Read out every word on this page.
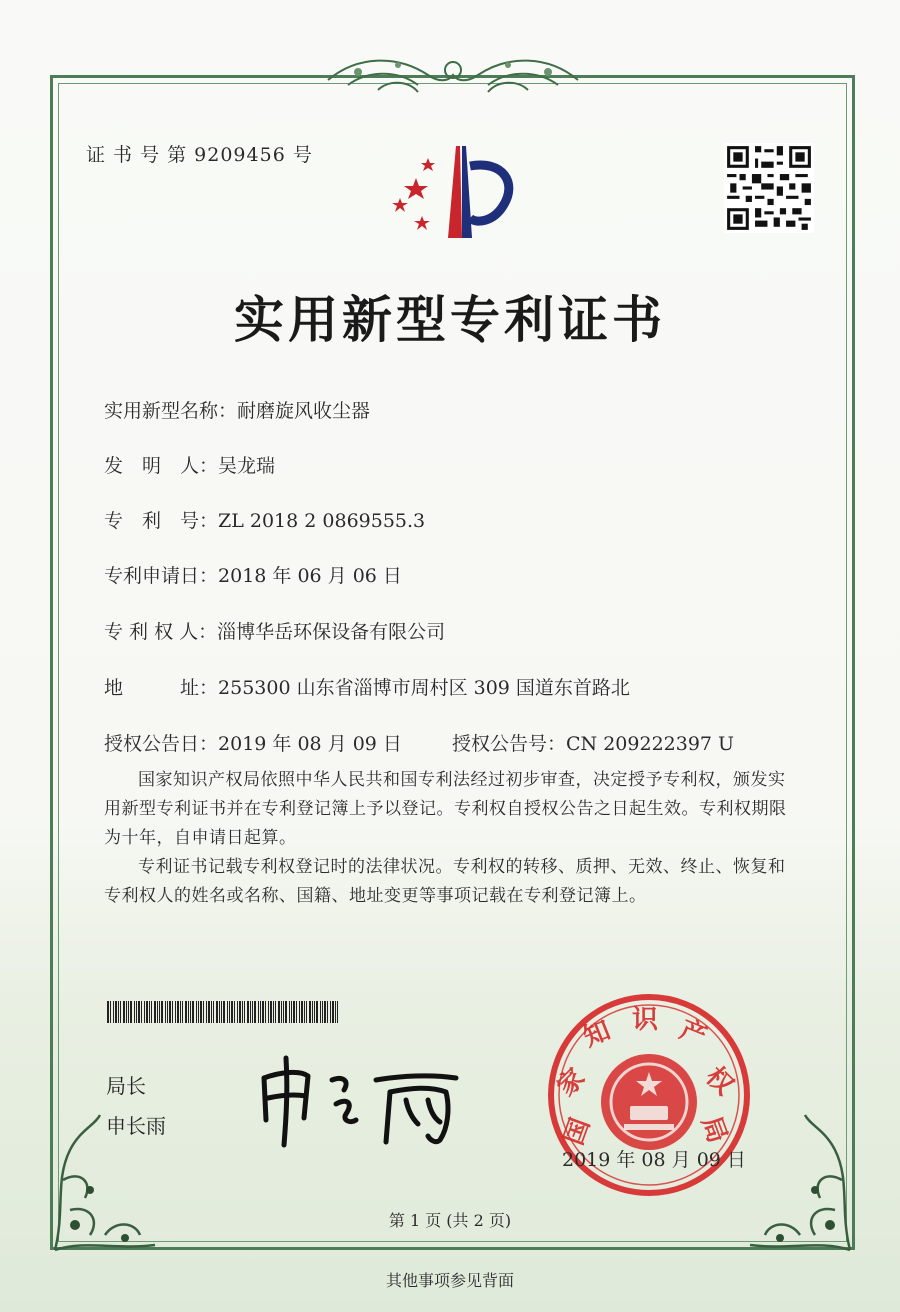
证 书 号 第 9209456 号
实用新型专利证书
实用新型名称：耐磨旋风收尘器
发　明　人：吴龙瑞
专　利　号：ZL 2018 2 0869555.3
专利申请日：2018 年 06 月 06 日
专 利 权 人：淄博华岳环保设备有限公司
地　　　址：255300 山东省淄博市周村区 309 国道东首路北
授权公告日：2019 年 08 月 09 日	授权公告号：CN 209222397 U
国家知识产权局依照中华人民共和国专利法经过初步审查，决定授予专利权，颁发实用新型专利证书并在专利登记簿上予以登记。专利权自授权公告之日起生效。专利权期限为十年，自申请日起算。
专利证书记载专利权登记时的法律状况。专利权的转移、质押、无效、终止、恢复和专利权人的姓名或名称、国籍、地址变更等事项记载在专利登记簿上。
局长
申长雨	国
家
知 识 产
权
局
2019 年 08 月 09 日
第 1 页 (共 2 页)
其他事项参见背面
